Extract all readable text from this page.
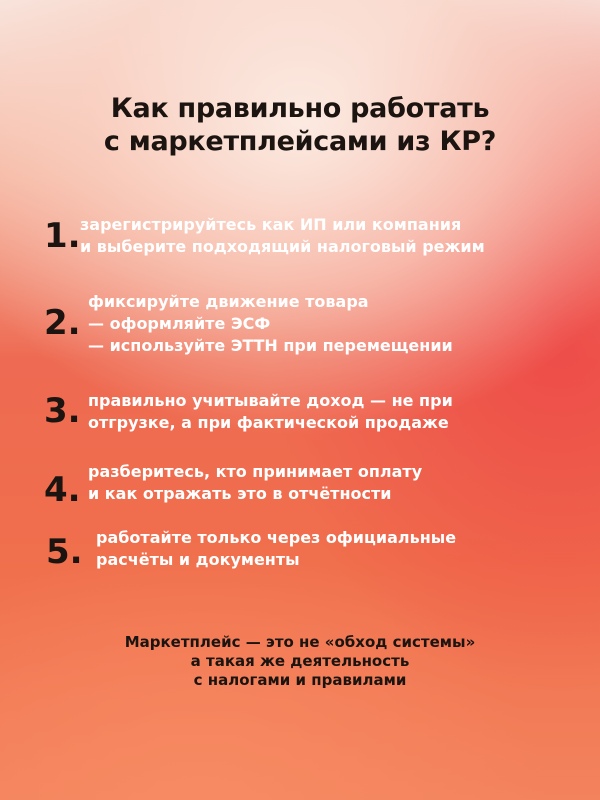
Как правильно работать
с маркетплейсами из КР?
1. зарегистрируйтесь как ИП или компания
и выберите подходящий налоговый режим
2.
фиксируйте движение товара
— оформляйте ЭСФ
— используйте ЭТТН при перемещении
3. правильно учитывайте доход — не при
отгрузке, а при фактической продаже
4. разберитесь, кто принимает оплату
и как отражать это в отчётности
5. работайте только через официальные
расчёты и документы
Маркетплейс — это не «обход системы»
а такая же деятельность
с налогами и правилами
